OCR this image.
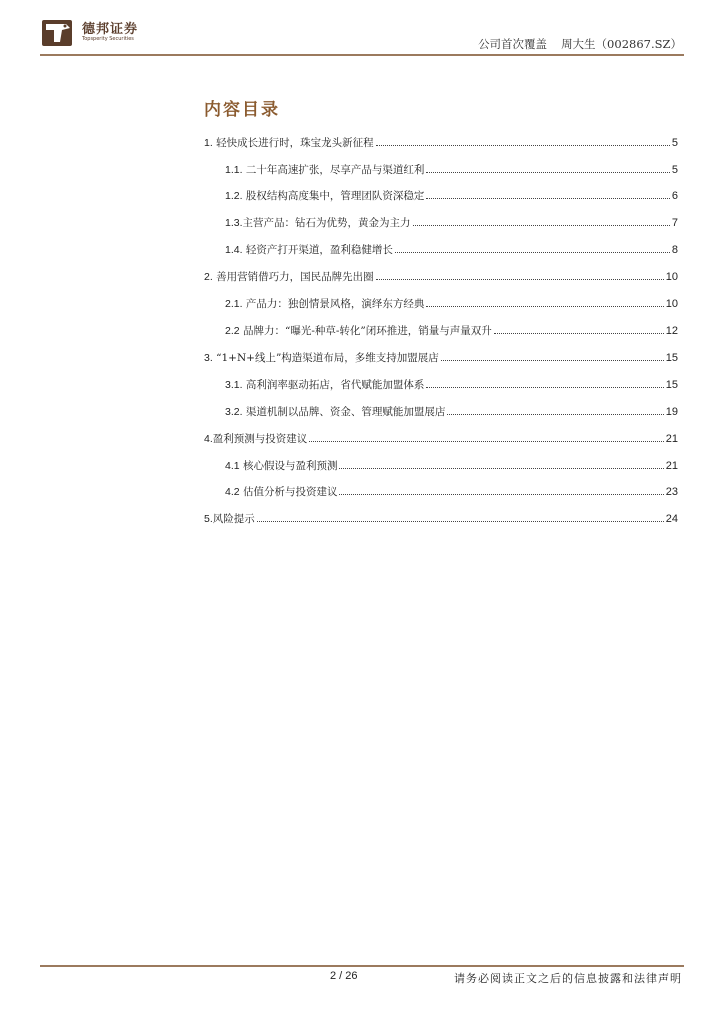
德邦证券
Topsperity Securities	公司首次覆盖 周大生（002867.SZ）
内容目录
1. 轻快成长进行时，珠宝龙头新征程	5
1.1. 二十年高速扩张，尽享产品与渠道红利	5
1.2. 股权结构高度集中，管理团队资深稳定	6
1.3.主营产品：钻石为优势，黄金为主力	7
1.4. 轻资产打开渠道，盈利稳健增长	8
2. 善用营销借巧力，国民品牌先出圈	10
2.1. 产品力：独创情景风格，演绎东方经典	10
2.2 品牌力：“曝光-种草-转化”闭环推进，销量与声量双升	12
3. “1+N+线上”构造渠道布局，多维支持加盟展店	15
3.1. 高利润率驱动拓店，省代赋能加盟体系	15
3.2. 渠道机制以品牌、资金、管理赋能加盟展店	19
4.盈利预测与投资建议	21
4.1 核心假设与盈利预测	21
4.2 估值分析与投资建议	23
5.风险提示	24
2 / 26	请务必阅读正文之后的信息披露和法律声明
